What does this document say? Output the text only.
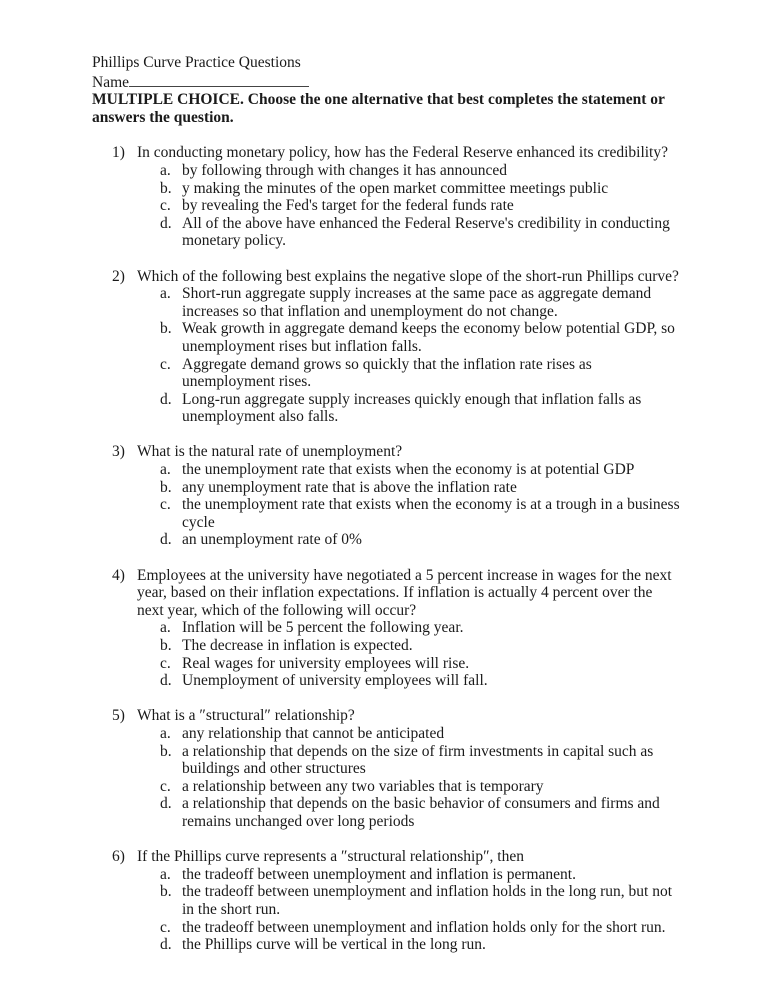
Phillips Curve Practice Questions
Name
MULTIPLE CHOICE. Choose the one alternative that best completes the statement or answers the question.
1) In conducting monetary policy, how has the Federal Reserve enhanced its credibility?
a. by following through with changes it has announced
b. y making the minutes of the open market committee meetings public
c. by revealing the Fed's target for the federal funds rate
d. All of the above have enhanced the Federal Reserve's credibility in conducting monetary policy.
2) Which of the following best explains the negative slope of the short-run Phillips curve?
a. Short-run aggregate supply increases at the same pace as aggregate demand increases so that inflation and unemployment do not change.
b. Weak growth in aggregate demand keeps the economy below potential GDP, so unemployment rises but inflation falls.
c. Aggregate demand grows so quickly that the inflation rate rises as unemployment rises.
d. Long-run aggregate supply increases quickly enough that inflation falls as unemployment also falls.
3) What is the natural rate of unemployment?
a. the unemployment rate that exists when the economy is at potential GDP
b. any unemployment rate that is above the inflation rate
c. the unemployment rate that exists when the economy is at a trough in a business cycle
d. an unemployment rate of 0%
4) Employees at the university have negotiated a 5 percent increase in wages for the next year, based on their inflation expectations. If inflation is actually 4 percent over the next year, which of the following will occur?
a. Inflation will be 5 percent the following year.
b. The decrease in inflation is expected.
c. Real wages for university employees will rise.
d. Unemployment of university employees will fall.
5) What is a ″structural″ relationship?
a. any relationship that cannot be anticipated
b. a relationship that depends on the size of firm investments in capital such as buildings and other structures
c. a relationship between any two variables that is temporary
d. a relationship that depends on the basic behavior of consumers and firms and remains unchanged over long periods
6) If the Phillips curve represents a ″structural relationship″, then
a. the tradeoff between unemployment and inflation is permanent.
b. the tradeoff between unemployment and inflation holds in the long run, but not in the short run.
c. the tradeoff between unemployment and inflation holds only for the short run.
d. the Phillips curve will be vertical in the long run.
